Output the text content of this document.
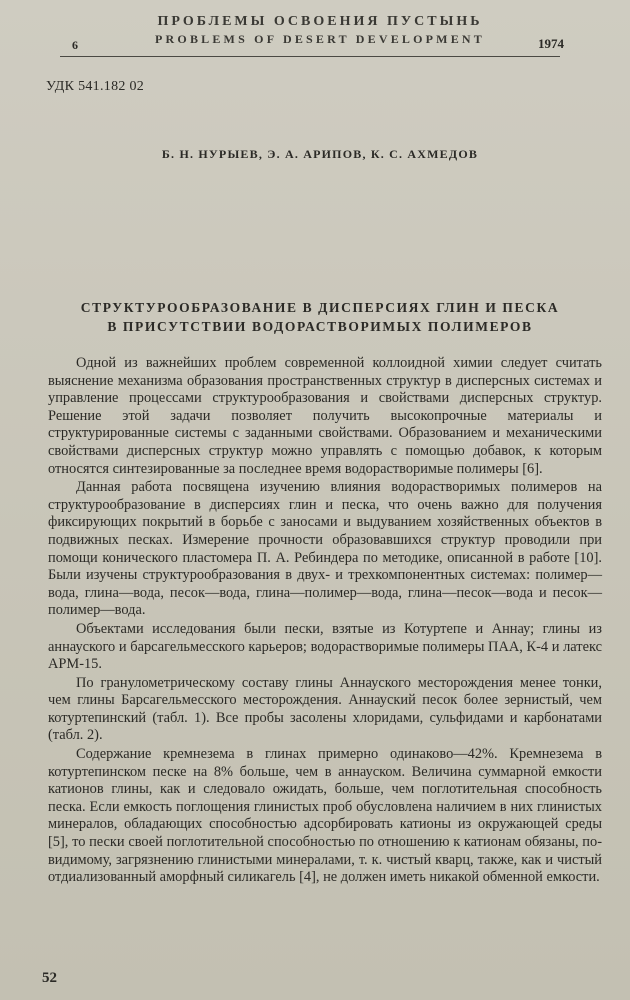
ПРОБЛЕМЫ ОСВОЕНИЯ ПУСТЫНЬ
6	PROBLEMS OF DESERT DEVELOPMENT	1974
УДК 541.182 02
Б. Н. НУРЫЕВ, Э. А. АРИПОВ, К. С. АХМЕДОВ
СТРУКТУРООБРАЗОВАНИЕ В ДИСПЕРСИЯХ ГЛИН И ПЕСКА
В ПРИСУТСТВИИ ВОДОРАСТВОРИМЫХ ПОЛИМЕРОВ

Одной из важнейших проблем современной коллоидной химии следует считать выяснение механизма образования пространственных структур в дисперсных системах и управление процессами структурообразования и свойствами дисперсных структур. Решение этой задачи позволяет получить высокопрочные материалы и структурированные системы с заданными свойствами. Образованием и механическими свойствами дисперсных структур можно управлять с помощью добавок, к которым относятся синтезированные за последнее время водорастворимые полимеры [6].

Данная работа посвящена изучению влияния водорастворимых полимеров на структурообразование в дисперсиях глин и песка, что очень важно для получения фиксирующих покрытий в борьбе с заносами и выдуванием хозяйственных объектов в подвижных песках. Измерение прочности образовавшихся структур проводили при помощи конического пластомера П. А. Ребиндера по методике, описанной в работе [10]. Были изучены структурообразования в двух- и трехкомпонентных системах: полимер—вода, глина—вода, песок—вода, глина—полимер—вода, глина—песок—вода и песок—полимер—вода.

Объектами исследования были пески, взятые из Котуртепе и Аннау; глины из аннауского и барсагельмесского карьеров; водорастворимые полимеры ПАА, К-4 и латекс АРМ-15.

По гранулометрическому составу глины Аннауского месторождения менее тонки, чем глины Барсагельмесского месторождения. Аннауский песок более зернистый, чем котуртепинский (табл. 1). Все пробы засолены хлоридами, сульфидами и карбонатами (табл. 2).

Содержание кремнезема в глинах примерно одинаково—42%. Кремнезема в котуртепинском песке на 8% больше, чем в аннауском. Величина суммарной емкости катионов глины, как и следовало ожидать, больше, чем поглотительная способность песка. Если емкость поглощения глинистых проб обусловлена наличием в них глинистых минералов, обладающих способностью адсорбировать катионы из окружающей среды [5], то пески своей поглотительной способностью по отношению к катионам обязаны, по-видимому, загрязнению глинистыми минералами, т. к. чистый кварц, также, как и чистый отдиализованный аморфный силикагель [4], не должен иметь никакой обменной емкости.

52
